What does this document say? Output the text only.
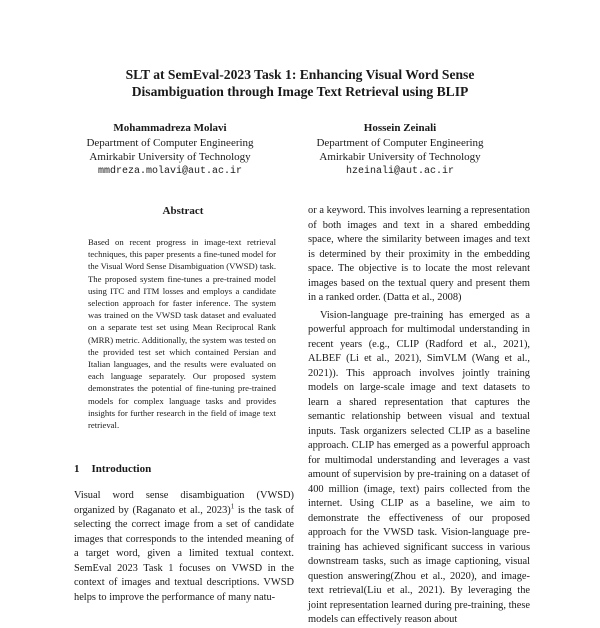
SLT at SemEval-2023 Task 1: Enhancing Visual Word Sense
Disambiguation through Image Text Retrieval using BLIP
Mohammadreza Molavi
Department of Computer Engineering
Amirkabir University of Technology
mmdreza.molavi@aut.ac.ir
Hossein Zeinali
Department of Computer Engineering
Amirkabir University of Technology
hzeinali@aut.ac.ir
Abstract
Based on recent progress in image-text retrieval techniques, this paper presents a fine-tuned model for the Visual Word Sense Disambiguation (VWSD) task. The proposed system fine-tunes a pre-trained model using ITC and ITM losses and employs a candidate selection approach for faster inference. The system was trained on the VWSD task dataset and evaluated on a separate test set using Mean Reciprocal Rank (MRR) metric. Additionally, the system was tested on the provided test set which contained Persian and Italian languages, and the results were evaluated on each language separately. Our proposed system demonstrates the potential of fine-tuning pre-trained models for complex language tasks and provides insights for further research in the field of image text retrieval.
1 Introduction
Visual word sense disambiguation (VWSD) organized by (Raganato et al., 2023)$^1$ is the task of selecting the correct image from a set of candidate images that corresponds to the intended meaning of a target word, given a limited textual context. SemEval 2023 Task 1 focuses on VWSD in the context of images and textual descriptions. VWSD helps to improve the performance of many natu-

or a keyword. This involves learning a representation of both images and text in a shared embedding space, where the similarity between images and text is determined by their proximity in the embedding space. The objective is to locate the most relevant images based on the textual query and present them in a ranked order. (Datta et al., 2008)

Vision-language pre-training has emerged as a powerful approach for multimodal understanding in recent years (e.g., CLIP (Radford et al., 2021), ALBEF (Li et al., 2021), SimVLM (Wang et al., 2021)). This approach involves jointly training models on large-scale image and text datasets to learn a shared representation that captures the semantic relationship between visual and textual inputs. Task organizers selected CLIP as a baseline approach. CLIP has emerged as a powerful approach for multimodal understanding and leverages a vast amount of supervision by pre-training on a dataset of 400 million (image, text) pairs collected from the internet. Using CLIP as a baseline, we aim to demonstrate the effectiveness of our proposed approach for the VWSD task. Vision-language pre-training has achieved significant success in various downstream tasks, such as image captioning, visual question answering(Zhou et al., 2020), and image-text retrieval(Liu et al., 2021). By leveraging the joint representation learned during pre-training, these models can effectively reason about
